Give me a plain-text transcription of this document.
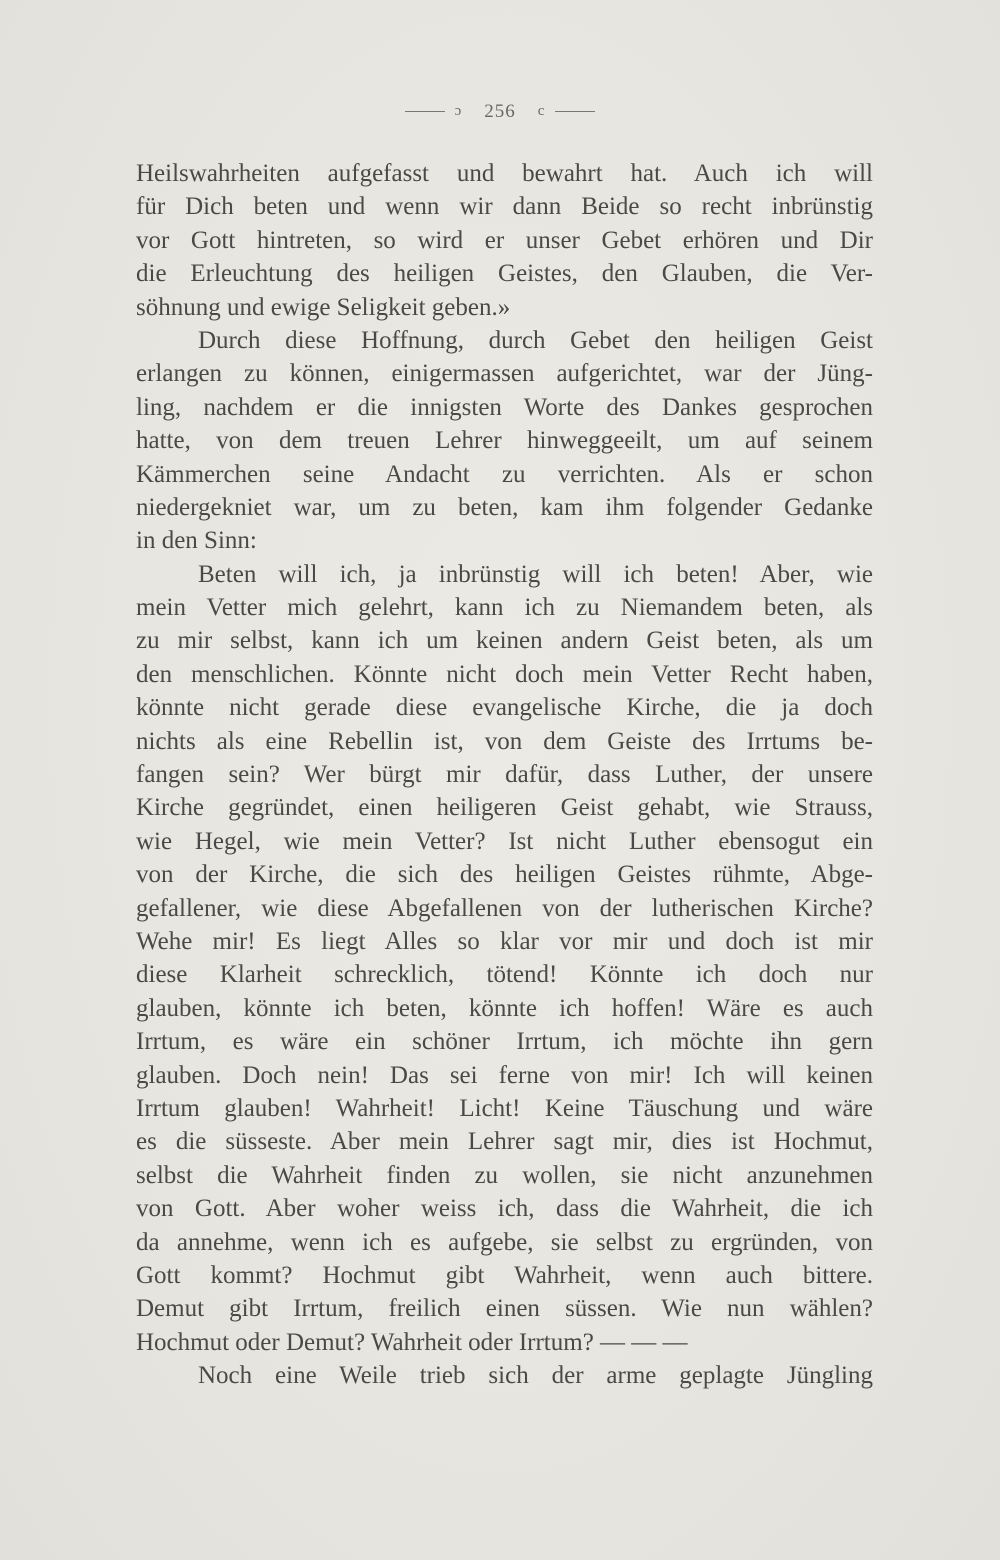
ɔ 256 c
Heilswahrheiten aufgefasst und bewahrt hat. Auch ich will
für Dich beten und wenn wir dann Beide so recht inbrünstig
vor Gott hintreten, so wird er unser Gebet erhören und Dir
die Erleuchtung des heiligen Geistes, den Glauben, die Ver-
söhnung und ewige Seligkeit geben.»
Durch diese Hoffnung, durch Gebet den heiligen Geist
erlangen zu können, einigermassen aufgerichtet, war der Jüng-
ling, nachdem er die innigsten Worte des Dankes gesprochen
hatte, von dem treuen Lehrer hinweggeeilt, um auf seinem
Kämmerchen seine Andacht zu verrichten. Als er schon
niedergekniet war, um zu beten, kam ihm folgender Gedanke
in den Sinn:
Beten will ich, ja inbrünstig will ich beten! Aber, wie
mein Vetter mich gelehrt, kann ich zu Niemandem beten, als
zu mir selbst, kann ich um keinen andern Geist beten, als um
den menschlichen. Könnte nicht doch mein Vetter Recht haben,
könnte nicht gerade diese evangelische Kirche, die ja doch
nichts als eine Rebellin ist, von dem Geiste des Irrtums be-
fangen sein? Wer bürgt mir dafür, dass Luther, der unsere
Kirche gegründet, einen heiligeren Geist gehabt, wie Strauss,
wie Hegel, wie mein Vetter? Ist nicht Luther ebensogut ein
von der Kirche, die sich des heiligen Geistes rühmte, Abge-
gefallener, wie diese Abgefallenen von der lutherischen Kirche?
Wehe mir! Es liegt Alles so klar vor mir und doch ist mir
diese Klarheit schrecklich, tötend! Könnte ich doch nur
glauben, könnte ich beten, könnte ich hoffen! Wäre es auch
Irrtum, es wäre ein schöner Irrtum, ich möchte ihn gern
glauben. Doch nein! Das sei ferne von mir! Ich will keinen
Irrtum glauben! Wahrheit! Licht! Keine Täuschung und wäre
es die süsseste. Aber mein Lehrer sagt mir, dies ist Hochmut,
selbst die Wahrheit finden zu wollen, sie nicht anzunehmen
von Gott. Aber woher weiss ich, dass die Wahrheit, die ich
da annehme, wenn ich es aufgebe, sie selbst zu ergründen, von
Gott kommt? Hochmut gibt Wahrheit, wenn auch bittere.
Demut gibt Irrtum, freilich einen süssen. Wie nun wählen?
Hochmut oder Demut? Wahrheit oder Irrtum? — — —
Noch eine Weile trieb sich der arme geplagte Jüngling
